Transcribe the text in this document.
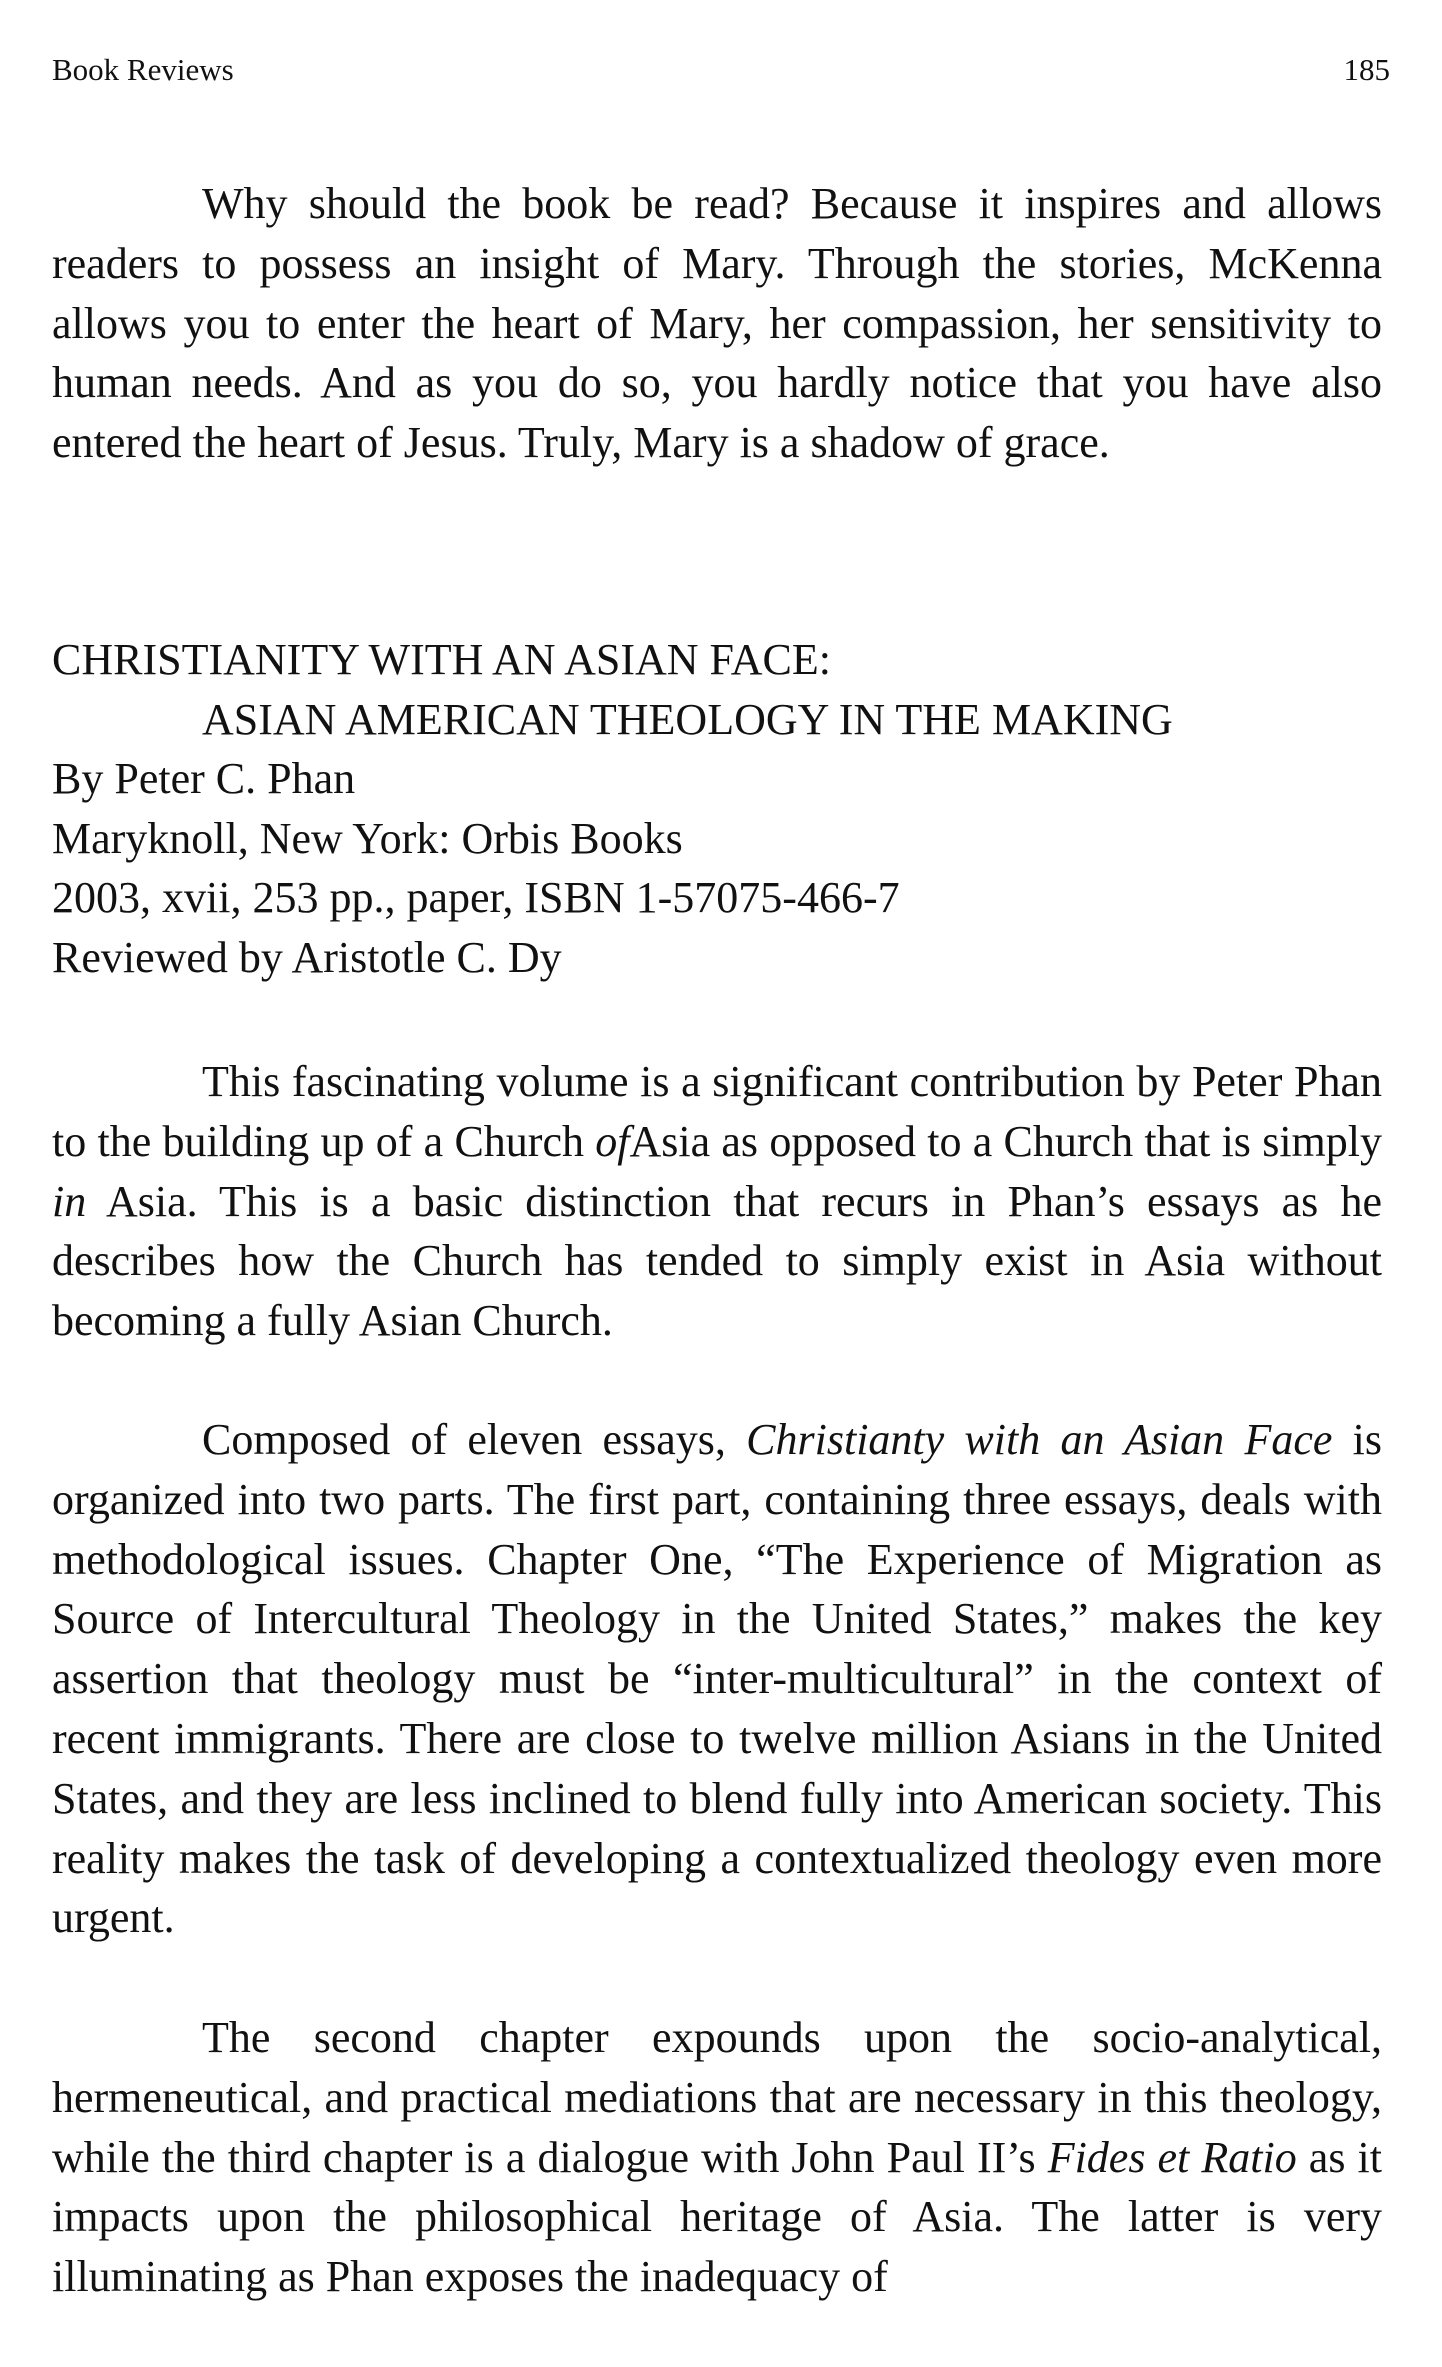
Book Reviews	185

Why should the book be read? Because it inspires and allows readers to possess an insight of Mary. Through the stories, McKenna allows you to enter the heart of Mary, her compassion, her sensitivity to human needs. And as you do so, you hardly notice that you have also entered the heart of Jesus. Truly, Mary is a shadow of grace.

CHRISTIANITY WITH AN ASIAN FACE:

ASIAN AMERICAN THEOLOGY IN THE MAKING

By Peter C. Phan

Maryknoll, New York: Orbis Books

2003, xvii, 253 pp., paper, ISBN 1-57075-466-7

Reviewed by Aristotle C. Dy

This fascinating volume is a significant contribution by Peter Phan to the building up of a Church ofAsia as opposed to a Church that is simply in Asia. This is a basic distinction that recurs in Phan’s essays as he describes how the Church has tended to simply exist in Asia without becoming a fully Asian Church.

Composed of eleven essays, Christianty with an Asian Face is organized into two parts. The first part, containing three essays, deals with methodological issues. Chapter One, “The Experience of Migration as Source of Intercultural Theology in the United States,” makes the key assertion that theology must be “inter-multicultural” in the context of recent immigrants. There are close to twelve million Asians in the United States, and they are less inclined to blend fully into American society. This reality makes the task of developing a contextualized theology even more urgent.

The second chapter expounds upon the socio-analytical, hermeneutical, and practical mediations that are necessary in this theology, while the third chapter is a dialogue with John Paul II’s Fides et Ratio as it impacts upon the philosophical heritage of Asia. The latter is very illuminating as Phan exposes the inadequacy of
